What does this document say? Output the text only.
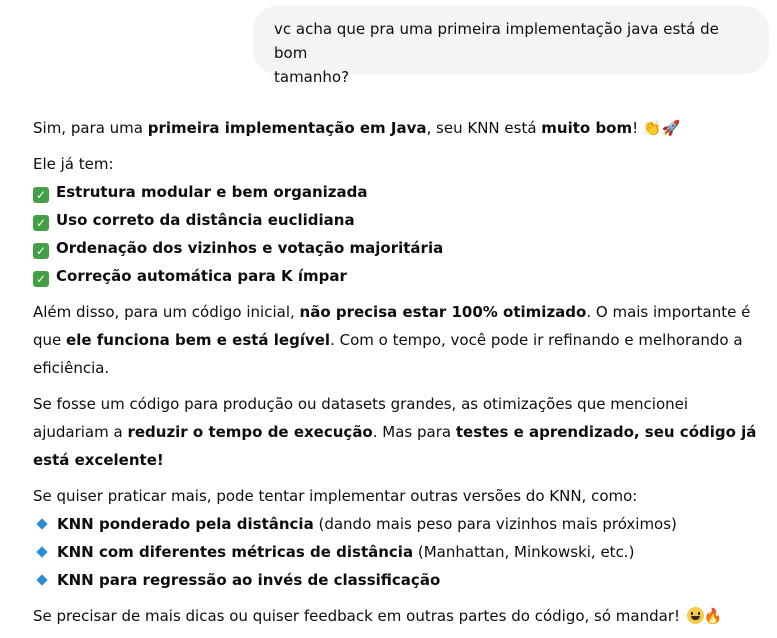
vc acha que pra uma primeira implementação java está de bom
tamanho?

Sim, para uma primeira implementação em Java, seu KNN está muito bom! 👏🚀

Ele já tem:
✓ Estrutura modular e bem organizada
✓ Uso correto da distância euclidiana
✓ Ordenação dos vizinhos e votação majoritária
✓ Correção automática para K ímpar

Além disso, para um código inicial, não precisa estar 100% otimizado. O mais importante é que ele funciona bem e está legível. Com o tempo, você pode ir refinando e melhorando a eficiência.

Se fosse um código para produção ou datasets grandes, as otimizações que mencionei ajudariam a reduzir o tempo de execução. Mas para testes e aprendizado, seu código já está excelente!

Se quiser praticar mais, pode tentar implementar outras versões do KNN, como:
KNN ponderado pela distância (dando mais peso para vizinhos mais próximos)
KNN com diferentes métricas de distância (Manhattan, Minkowski, etc.)
KNN para regressão ao invés de classificação

Se precisar de mais dicas ou quiser feedback em outras partes do código, só mandar! 🔥
